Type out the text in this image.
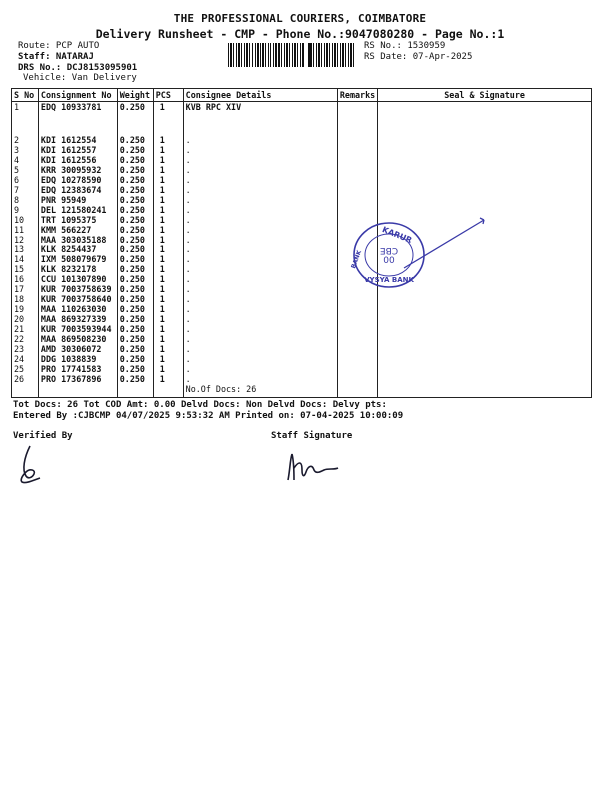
THE PROFESSIONAL COURIERS, COIMBATORE
Delivery Runsheet - CMP - Phone No.:9047080280 - Page No.:1
Route: PCP AUTO
Staff: NATARAJ
DRS No.: DCJ8153095901
Vehicle: Van Delivery
RS No.: 1530959
RS Date: 07-Apr-2025
S No	Consignment No	Weight	PCS	Consignee Details	Remarks	Seal & Signature
1	EDQ 10933781	0.250	1	KVB RPC XIV		
2	KDI 1612554	0.250	1	.		
3	KDI 1612557	0.250	1	.		
4	KDI 1612556	0.250	1	.		
5	KRR 30095932	0.250	1	.		
6	EDQ 10278590	0.250	1	.		
7	EDQ 12383674	0.250	1	.		
8	PNR 95949	0.250	1	.		
9	DEL 121580241	0.250	1	.		
10	TRT 1095375	0.250	1	.		
11	KMM 566227	0.250	1	.		
12	MAA 303035188	0.250	1	.		
13	KLK 8254437	0.250	1	.		
14	IXM 508079679	0.250	1	.		
15	KLK 8232178	0.250	1	.		
16	CCU 101307890	0.250	1	.		
17	KUR 7003758639	0.250	1	.		
18	KUR 7003758640	0.250	1	.		
19	MAA 110263030	0.250	1	.		
20	MAA 869327339	0.250	1	.		
21	KUR 7003593944	0.250	1	.		
22	MAA 869508230	0.250	1	.		
23	AMD 30306072	0.250	1	.		
24	DDG 1038839	0.250	1	.		
25	PRO 17741583	0.250	1	.		
26	PRO 17367896	0.250	1	.		
				No.Of Docs: 26		
KARUR
VYSYA BANK
BANK CBE
00
Tot Docs: 26 Tot COD Amt: 0.00 Delvd Docs: Non Delvd Docs: Delvy pts:
Entered By :CJBCMP 04/07/2025 9:53:32 AM Printed on: 07-04-2025 10:00:09
Verified By	Staff Signature
